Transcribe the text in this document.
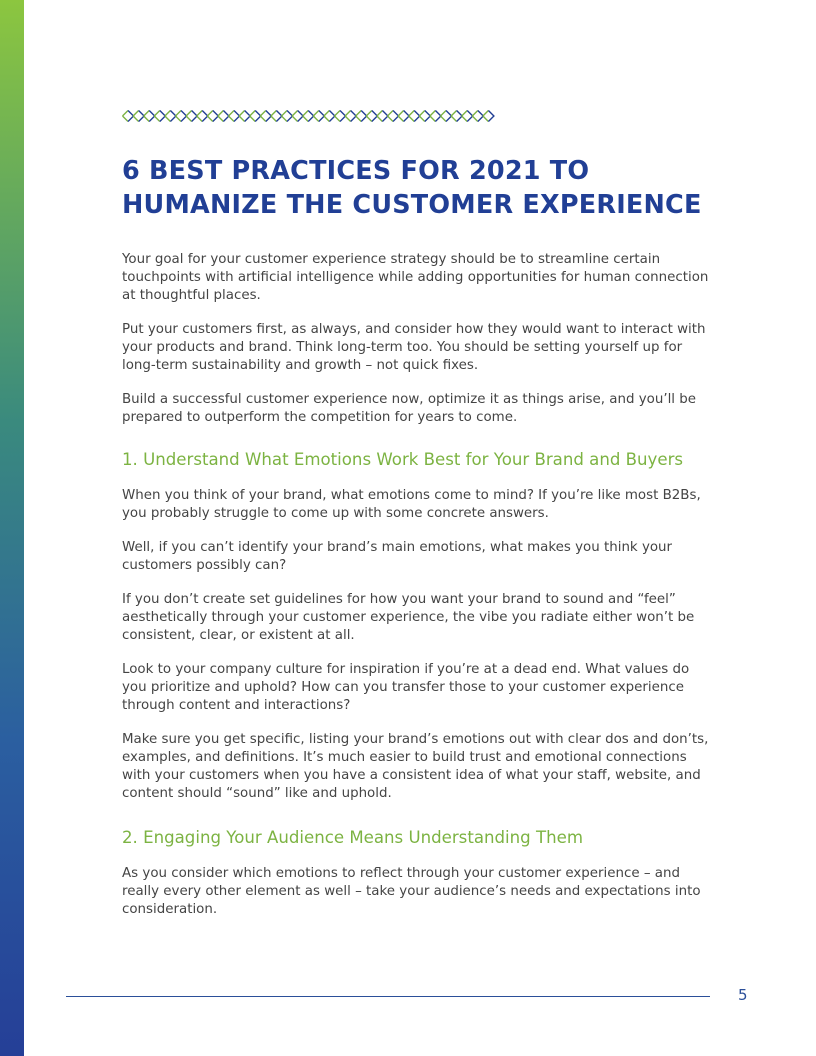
6 BEST PRACTICES FOR 2021 TO
HUMANIZE THE CUSTOMER EXPERIENCE

Your goal for your customer experience strategy should be to streamline certain touchpoints with artificial intelligence while adding opportunities for human connection at thoughtful places.

Put your customers first, as always, and consider how they would want to interact with your products and brand. Think long-term too. You should be setting yourself up for long-term sustainability and growth – not quick fixes.

Build a successful customer experience now, optimize it as things arise, and you’ll be prepared to outperform the competition for years to come.

1. Understand What Emotions Work Best for Your Brand and Buyers

When you think of your brand, what emotions come to mind? If you’re like most B2Bs, you probably struggle to come up with some concrete answers.

Well, if you can’t identify your brand’s main emotions, what makes you think your customers possibly can?

If you don’t create set guidelines for how you want your brand to sound and “feel” aesthetically through your customer experience, the vibe you radiate either won’t be consistent, clear, or existent at all.

Look to your company culture for inspiration if you’re at a dead end. What values do you prioritize and uphold? How can you transfer those to your customer experience through content and interactions?

Make sure you get specific, listing your brand’s emotions out with clear dos and don’ts, examples, and definitions. It’s much easier to build trust and emotional connections with your customers when you have a consistent idea of what your staff, website, and content should “sound” like and uphold.

2. Engaging Your Audience Means Understanding Them

As you consider which emotions to reflect through your customer experience – and really every other element as well – take your audience’s needs and expectations into consideration.

5
